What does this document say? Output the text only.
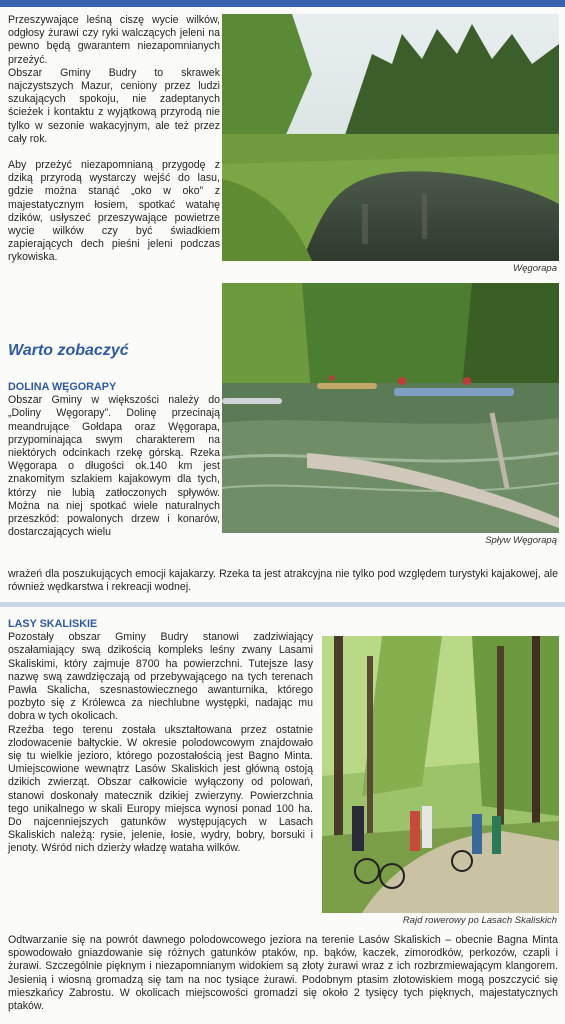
Przeszywające leśną ciszę wycie wilków, odgłosy żurawi czy ryki walczących jeleni na pewno będą gwarantem niezapomnianych przeżyć.

Obszar Gminy Budry to skrawek najczystszych Mazur, ceniony przez ludzi szukających spokoju, nie zadeptanych ścieżek i kontaktu z wyjątkową przyrodą nie tylko w sezonie wakacyjnym, ale też przez cały rok.

Aby przeżyć niezapomnianą przygodę z dziką przyrodą wystarczy wejść do lasu, gdzie można stanąć „oko w oko” z majestatycznym łosiem, spotkać watahę dzików, usłyszeć przeszywające powietrze wycie wilków czy być świadkiem zapierających dech pieśni jeleni podczas rykowiska.

Węgorapa
Spływ Węgorapą
Warto zobaczyć
DOLINA WĘGORAPY

Obszar Gminy w większości należy do „Doliny Węgorapy”. Dolinę przecinają meandrujące Gołdapa oraz Węgorapa, przypominająca swym charakterem na niektórych odcinkach rzekę górską. Rzeka Węgorapa o długości ok.140 km jest znakomitym szlakiem kajakowym dla tych, którzy nie lubią zatłoczonych spływów. Można na niej spotkać wiele naturalnych przeszkód: powalonych drzew i konarów, dostarczających wielu

wrażeń dla poszukujących emocji kajakarzy. Rzeka ta jest atrakcyjna nie tylko pod względem turystyki kajakowej, ale również wędkarstwa i rekreacji wodnej.

LASY SKALISKIE

Pozostały obszar Gminy Budry stanowi zadziwiający oszałamiający swą dzikością kompleks leśny zwany Lasami Skaliskimi, który zajmuje 8700 ha powierzchni. Tutejsze lasy nazwę swą zawdzięczają od przebywającego na tych terenach Pawła Skalicha, szesnastowiecznego awanturnika, którego pozbyto się z Królewca za niechlubne występki, nadając mu dobra w tych okolicach.

Rzeźba tego terenu została ukształtowana przez ostatnie zlodowacenie bałtyckie. W okresie polodowcowym znajdowało się tu wielkie jezioro, którego pozostałością jest Bagno Minta. Umiejscowione wewnątrz Lasów Skaliskich jest główną ostoją dzikich zwierząt. Obszar całkowicie wyłączony od polowań, stanowi doskonały matecznik dzikiej zwierzyny. Powierzchnia tego unikalnego w skali Europy miejsca wynosi ponad 100 ha. Do najcenniejszych gatunków występujących w Lasach Skaliskich należą: rysie, jelenie, łosie, wydry, bobry, borsuki i jenoty. Wśród nich dzierży władzę wataha wilków.

Rajd rowerowy po Lasach Skaliskich

Odtwarzanie się na powrót dawnego polodowcowego jeziora na terenie Lasów Skaliskich – obecnie Bagna Minta spowodowało gniazdowanie się różnych gatunków ptaków, np. bąków, kaczek, zimorodków, perkozów, czapli i żurawi. Szczególnie pięknym i niezapomnianym widokiem są złoty żurawi wraz z ich rozbrzmiewającym klangorem. Jesienią i wiosną gromadzą się tam na noc tysiące żurawi. Podobnym ptasim złotowiskiem mogą poszczycić się mieszkańcy Zabrostu. W okolicach miejscowości gromadzi się około 2 tysięcy tych pięknych, majestatycznych ptaków.
